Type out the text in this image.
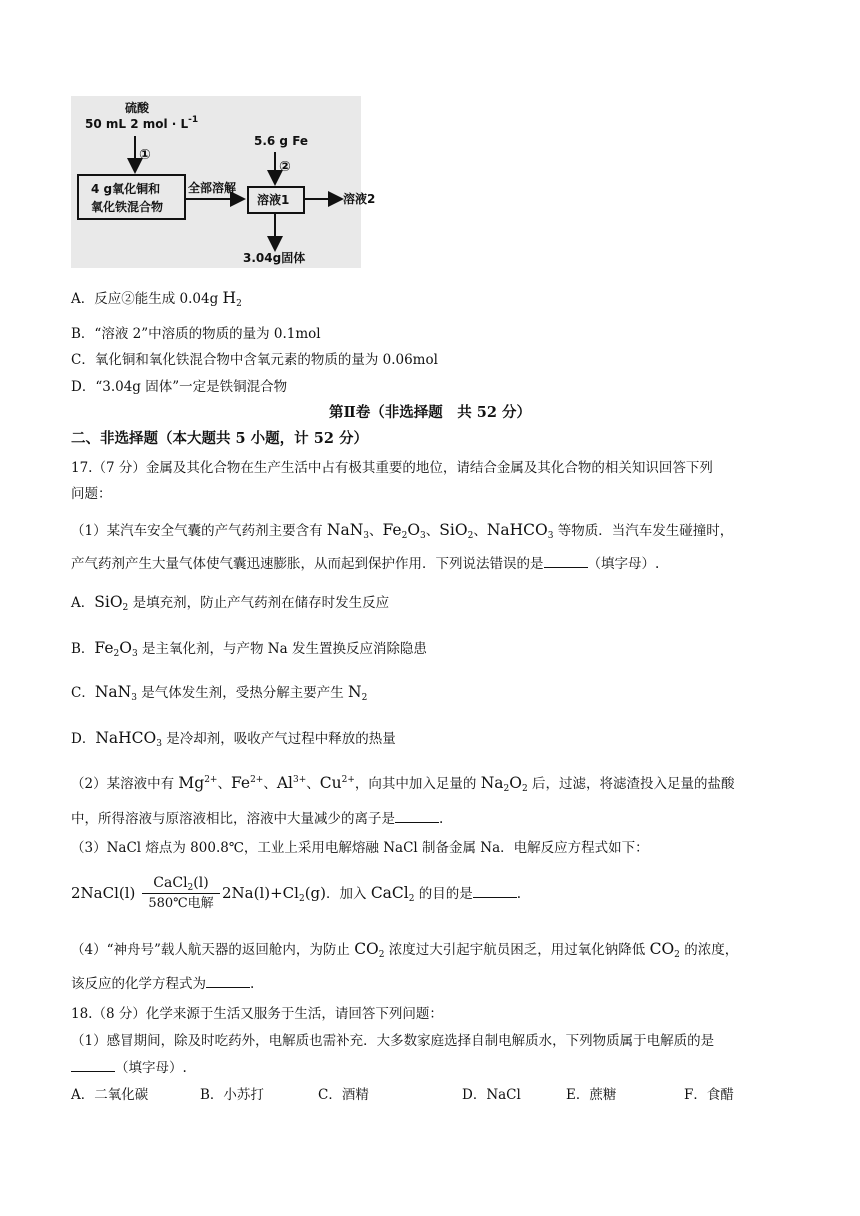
硫酸
50 mL 2 mol · $L^{-1}$
①
5.6 g Fe
②
4 g氧化铜和
氧化铁混合物
全部溶解
溶液1	溶液2
3.04g固体
A．反应②能生成 0.04g $H_2$
B．“溶液 2”中溶质的物质的量为 0.1mol
C．氧化铜和氧化铁混合物中含氧元素的物质的量为 0.06mol
D．“3.04g 固体”一定是铁铜混合物
第Ⅱ卷（非选择题　共 52 分）
二、非选择题（本大题共 5 小题，计 52 分）
17.（7 分）金属及其化合物在生产生活中占有极其重要的地位，请结合金属及其化合物的相关知识回答下列
问题：
（1）某汽车安全气囊的产气药剂主要含有 NaN$_3$、$Fe_2O_3$、SiO$_2$、NaHCO$_3$ 等物质．当汽车发生碰撞时，
产气药剂产生大量气体使气囊迅速膨胀，从而起到保护作用．下列说法错误的是	（填字母）.
A．SiO$_2$ 是填充剂，防止产气药剂在储存时发生反应
B．$Fe_2O_3$ 是主氧化剂，与产物 Na 发生置换反应消除隐患
C．NaN$_3$ 是气体发生剂，受热分解主要产生 $N_2$
D．NaHCO$_3$ 是冷却剂，吸收产气过程中释放的热量
（2）某溶液中有 $Mg^{2+}$、$Fe^{2+}$、$Al^{3+}$、$Cu^{2+}$，向其中加入足量的 $Na_2O_2$ 后，过滤，将滤渣投入足量的盐酸
中，所得溶液与原溶液相比，溶液中大量减少的离子是	.
（3）NaCl 熔点为 800.8℃，工业上采用电解熔融 NaCl 制备金属 Na．电解反应方程式如下：
2NaCl(l)
CaCl$_2$(l)
580℃电解
$2Na(l)+Cl_2(g)$．加入 CaCl$_2$ 的目的是	.
（4）“神舟号”载人航天器的返回舱内，为防止 $CO_2$ 浓度过大引起宇航员困乏，用过氧化钠降低 $CO_2$ 的浓度，
该反应的化学方程式为	.
18.（8 分）化学来源于生活又服务于生活，请回答下列问题：
（1）感冒期间，除及时吃药外，电解质也需补充．大多数家庭选择自制电解质水，下列物质属于电解质的是
（填字母）.
A．二氧化碳	B．小苏打	C．酒精	D．NaCl	E．蔗糖	F．食醋
